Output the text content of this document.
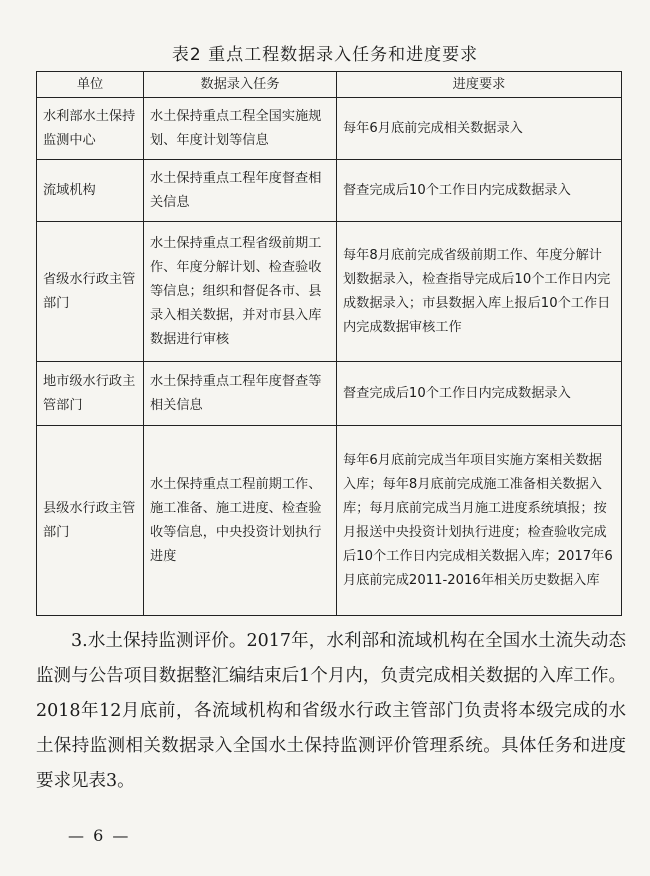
表2 重点工程数据录入任务和进度要求
单位	数据录入任务	进度要求
水利部水土保持监测中心	水土保持重点工程全国实施规划、年度计划等信息	每年6月底前完成相关数据录入
流域机构	水土保持重点工程年度督查相关信息	督查完成后10个工作日内完成数据录入
省级水行政主管部门	水土保持重点工程省级前期工作、年度分解计划、检查验收等信息；组织和督促各市、县录入相关数据，并对市县入库数据进行审核	每年8月底前完成省级前期工作、年度分解计划数据录入，检查指导完成后10个工作日内完成数据录入；市县数据入库上报后10个工作日内完成数据审核工作
地市级水行政主管部门	水土保持重点工程年度督查等相关信息	督查完成后10个工作日内完成数据录入
县级水行政主管部门	水土保持重点工程前期工作、施工准备、施工进度、检查验收等信息，中央投资计划执行进度	每年6月底前完成当年项目实施方案相关数据入库；每年8月底前完成施工准备相关数据入库；每月底前完成当月施工进度系统填报；按月报送中央投资计划执行进度；检查验收完成后10个工作日内完成相关数据入库；2017年6月底前完成2011-2016年相关历史数据入库

3.水土保持监测评价。2017年，水利部和流域机构在全国水土流失动态监测与公告项目数据整汇编结束后1个月内，负责完成相关数据的入库工作。2018年12月底前，各流域机构和省级水行政主管部门负责将本级完成的水土保持监测相关数据录入全国水土保持监测评价管理系统。具体任务和进度要求见表3。

— 6 —
